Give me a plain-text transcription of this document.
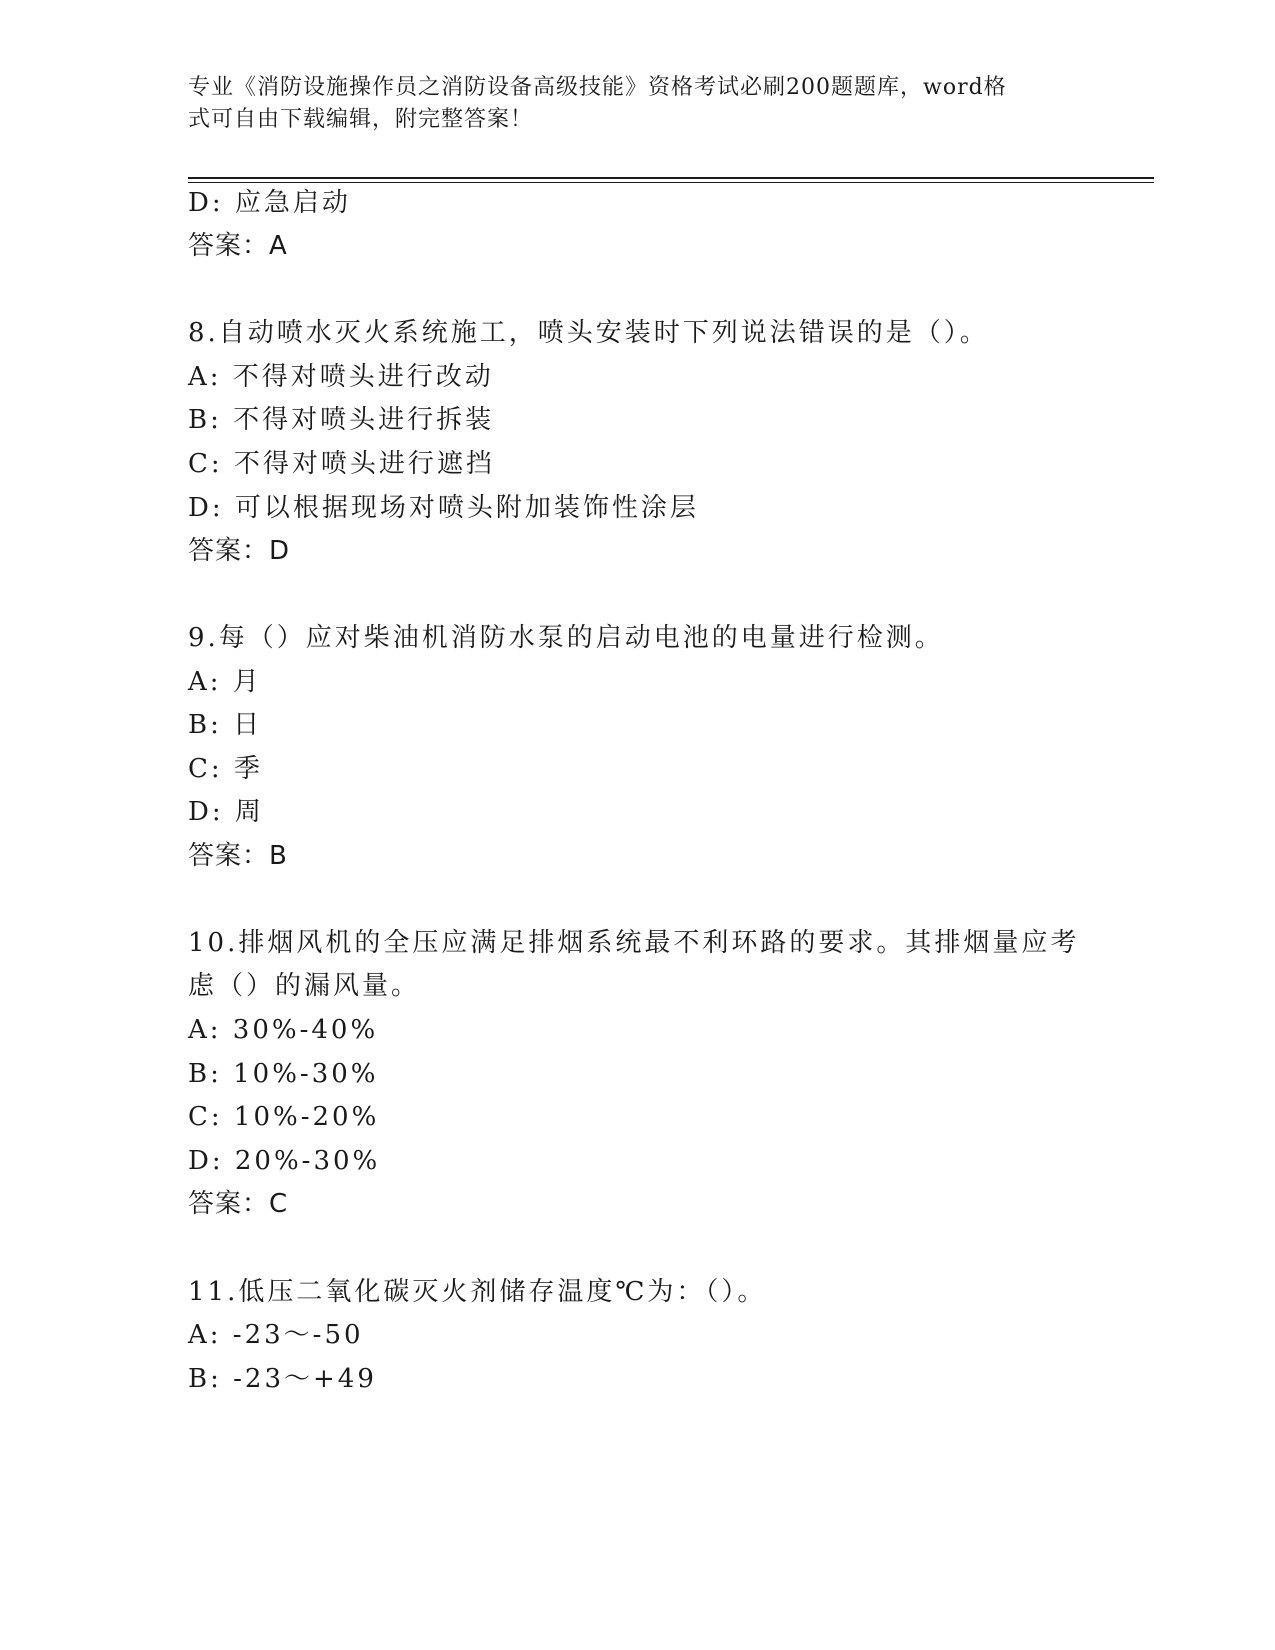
专业《消防设施操作员之消防设备高级技能》资格考试必刷200题题库，word格
式可自由下载编辑，附完整答案！
D: 应急启动
答案：A
8.自动喷水灭火系统施工，喷头安装时下列说法错误的是（）。
A: 不得对喷头进行改动
B: 不得对喷头进行拆装
C: 不得对喷头进行遮挡
D: 可以根据现场对喷头附加装饰性涂层
答案：D
9.每（）应对柴油机消防水泵的启动电池的电量进行检测。
A: 月
B: 日
C: 季
D: 周
答案：B
10.排烟风机的全压应满足排烟系统最不利环路的要求。其排烟量应考
虑（）的漏风量。
A: 30%-40%
B: 10%-30%
C: 10%-20%
D: 20%-30%
答案：C
11.低压二氧化碳灭火剂储存温度℃为：（）。
A: -23～-50
B: -23～+49
